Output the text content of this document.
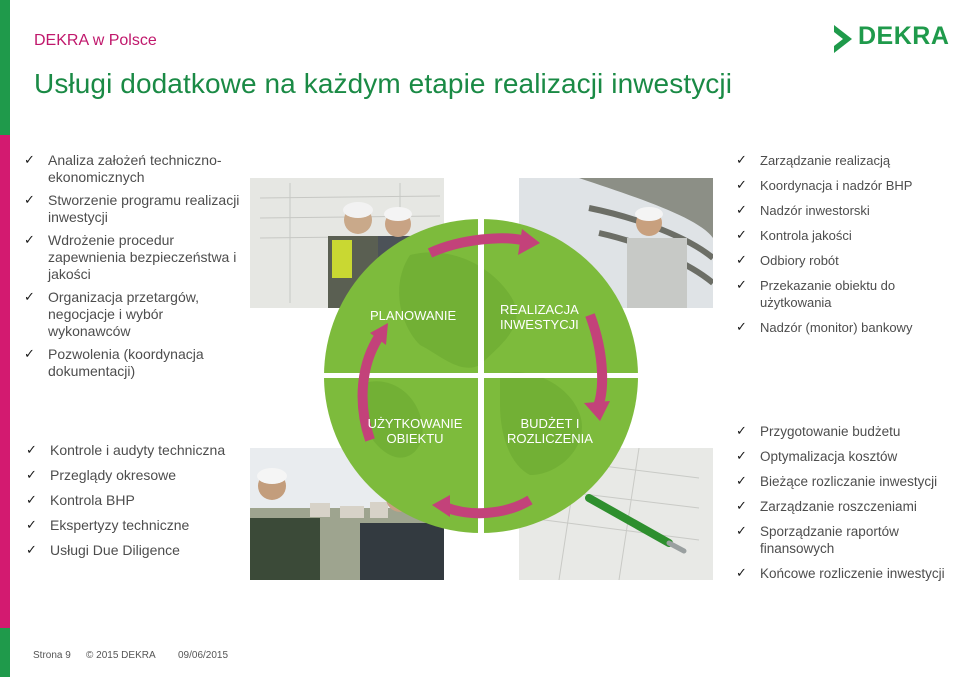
DEKRA w Polsce
Usługi dodatkowe na każdym etapie realizacji inwestycji
DEKRA
✓ Analiza założeń techniczno-ekonomicznych
✓ Stworzenie programu realizacji inwestycji
✓ Wdrożenie procedur zapewnienia bezpieczeństwa i jakości
✓ Organizacja przetargów, negocjacje i wybór wykonawców
✓ Pozwolenia (koordynacja dokumentacji)
✓ Zarządzanie realizacją
✓ Koordynacja i nadzór BHP
✓ Nadzór inwestorski
✓ Kontrola jakości
✓ Odbiory robót
✓ Przekazanie obiektu do użytkowania
✓ Nadzór (monitor) bankowy
✓ Kontrole i audyty techniczna
✓ Przeglądy okresowe
✓ Kontrola BHP
✓ Ekspertyzy techniczne
✓ Usługi Due Diligence
✓ Przygotowanie budżetu
✓ Optymalizacja kosztów
✓ Bieżące rozliczanie inwestycji
✓ Zarządzanie roszczeniami
✓ Sporządzanie raportów finansowych
✓ Końcowe rozliczenie inwestycji
PLANOWANIE	REALIZACJA INWESTYCJI
UŻYTKOWANIE OBIEKTU
BUDŻET I ROZLICZENIA
Strona 9 © 2015 DEKRA 09/06/2015
